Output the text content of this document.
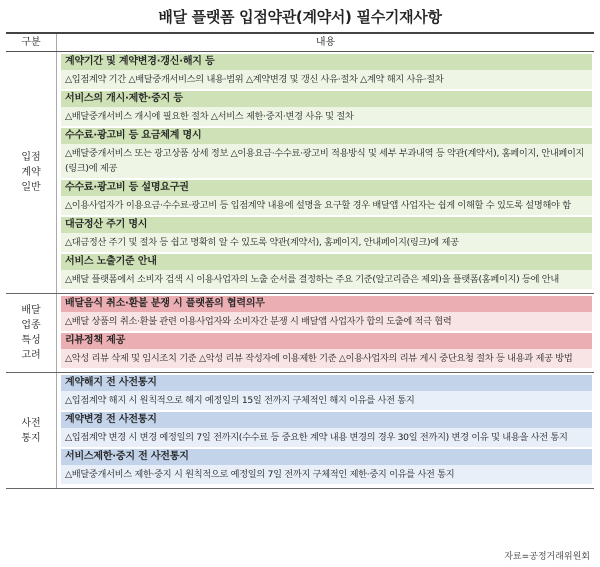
배달 플랫폼 입점약관(계약서) 필수기재사항
구분	내용
입점
계약
일반
계약기간 및 계약변경·갱신·해지 등
△입점계약 기간 △배달중개서비스의 내용·범위 △계약변경 및 갱신 사유·절차 △계약 해지 사유·절차
서비스의 개시·제한·중지 등
△배달중개서비스 개시에 필요한 절차 △서비스 제한·중지·변경 사유 및 절차
수수료·광고비 등 요금체계 명시
△배달중개서비스 또는 광고상품 상세 정보 △이용요금·수수료·광고비 적용방식 및 세부 부과내역 등 약관(계약서), 홈페이지, 안내페이지(링크)에 제공
수수료·광고비 등 설명요구권
△이용사업자가 이용요금·수수료·광고비 등 입점계약 내용에 설명을 요구할 경우 배달앱 사업자는 쉽게 이해할 수 있도록 설명해야 함
대금정산 주기 명시
△대금정산 주기 및 절차 등 쉽고 명확히 알 수 있도록 약관(계약서), 홈페이지, 안내페이지(링크)에 제공
서비스 노출기준 안내
△배달 플랫폼에서 소비자 검색 시 이용사업자의 노출 순서를 결정하는 주요 기준(알고리즘은 제외)을 플랫폼(홈페이지) 등에 안내
배달
업종
특성
고려
배달음식 취소·환불 분쟁 시 플랫폼의 협력의무
△배달 상품의 취소·환불 관련 이용사업자와 소비자간 분쟁 시 배달앱 사업자가 합의 도출에 적극 협력
리뷰정책 제공
△악성 리뷰 삭제 및 임시조치 기준 △악성 리뷰 작성자에 이용제한 기준 △이용사업자의 리뷰 게시 중단요청 절차 등 내용과 제공 방법
사전
통지
계약해지 전 사전통지
△입점계약 해지 시 원칙적으로 해지 예정일의 15일 전까지 구체적인 해지 이유를 사전 통지
계약변경 전 사전통지
△입점계약 변경 시 변경 예정일의 7일 전까지(수수료 등 중요한 계약 내용 변경의 경우 30일 전까지) 변경 이유 및 내용을 사전 통지
서비스제한·중지 전 사전통지
△배달중개서비스 제한·중지 시 원칙적으로 예정일의 7일 전까지 구체적인 제한·중지 이유를 사전 통지
자료=공정거래위원회
